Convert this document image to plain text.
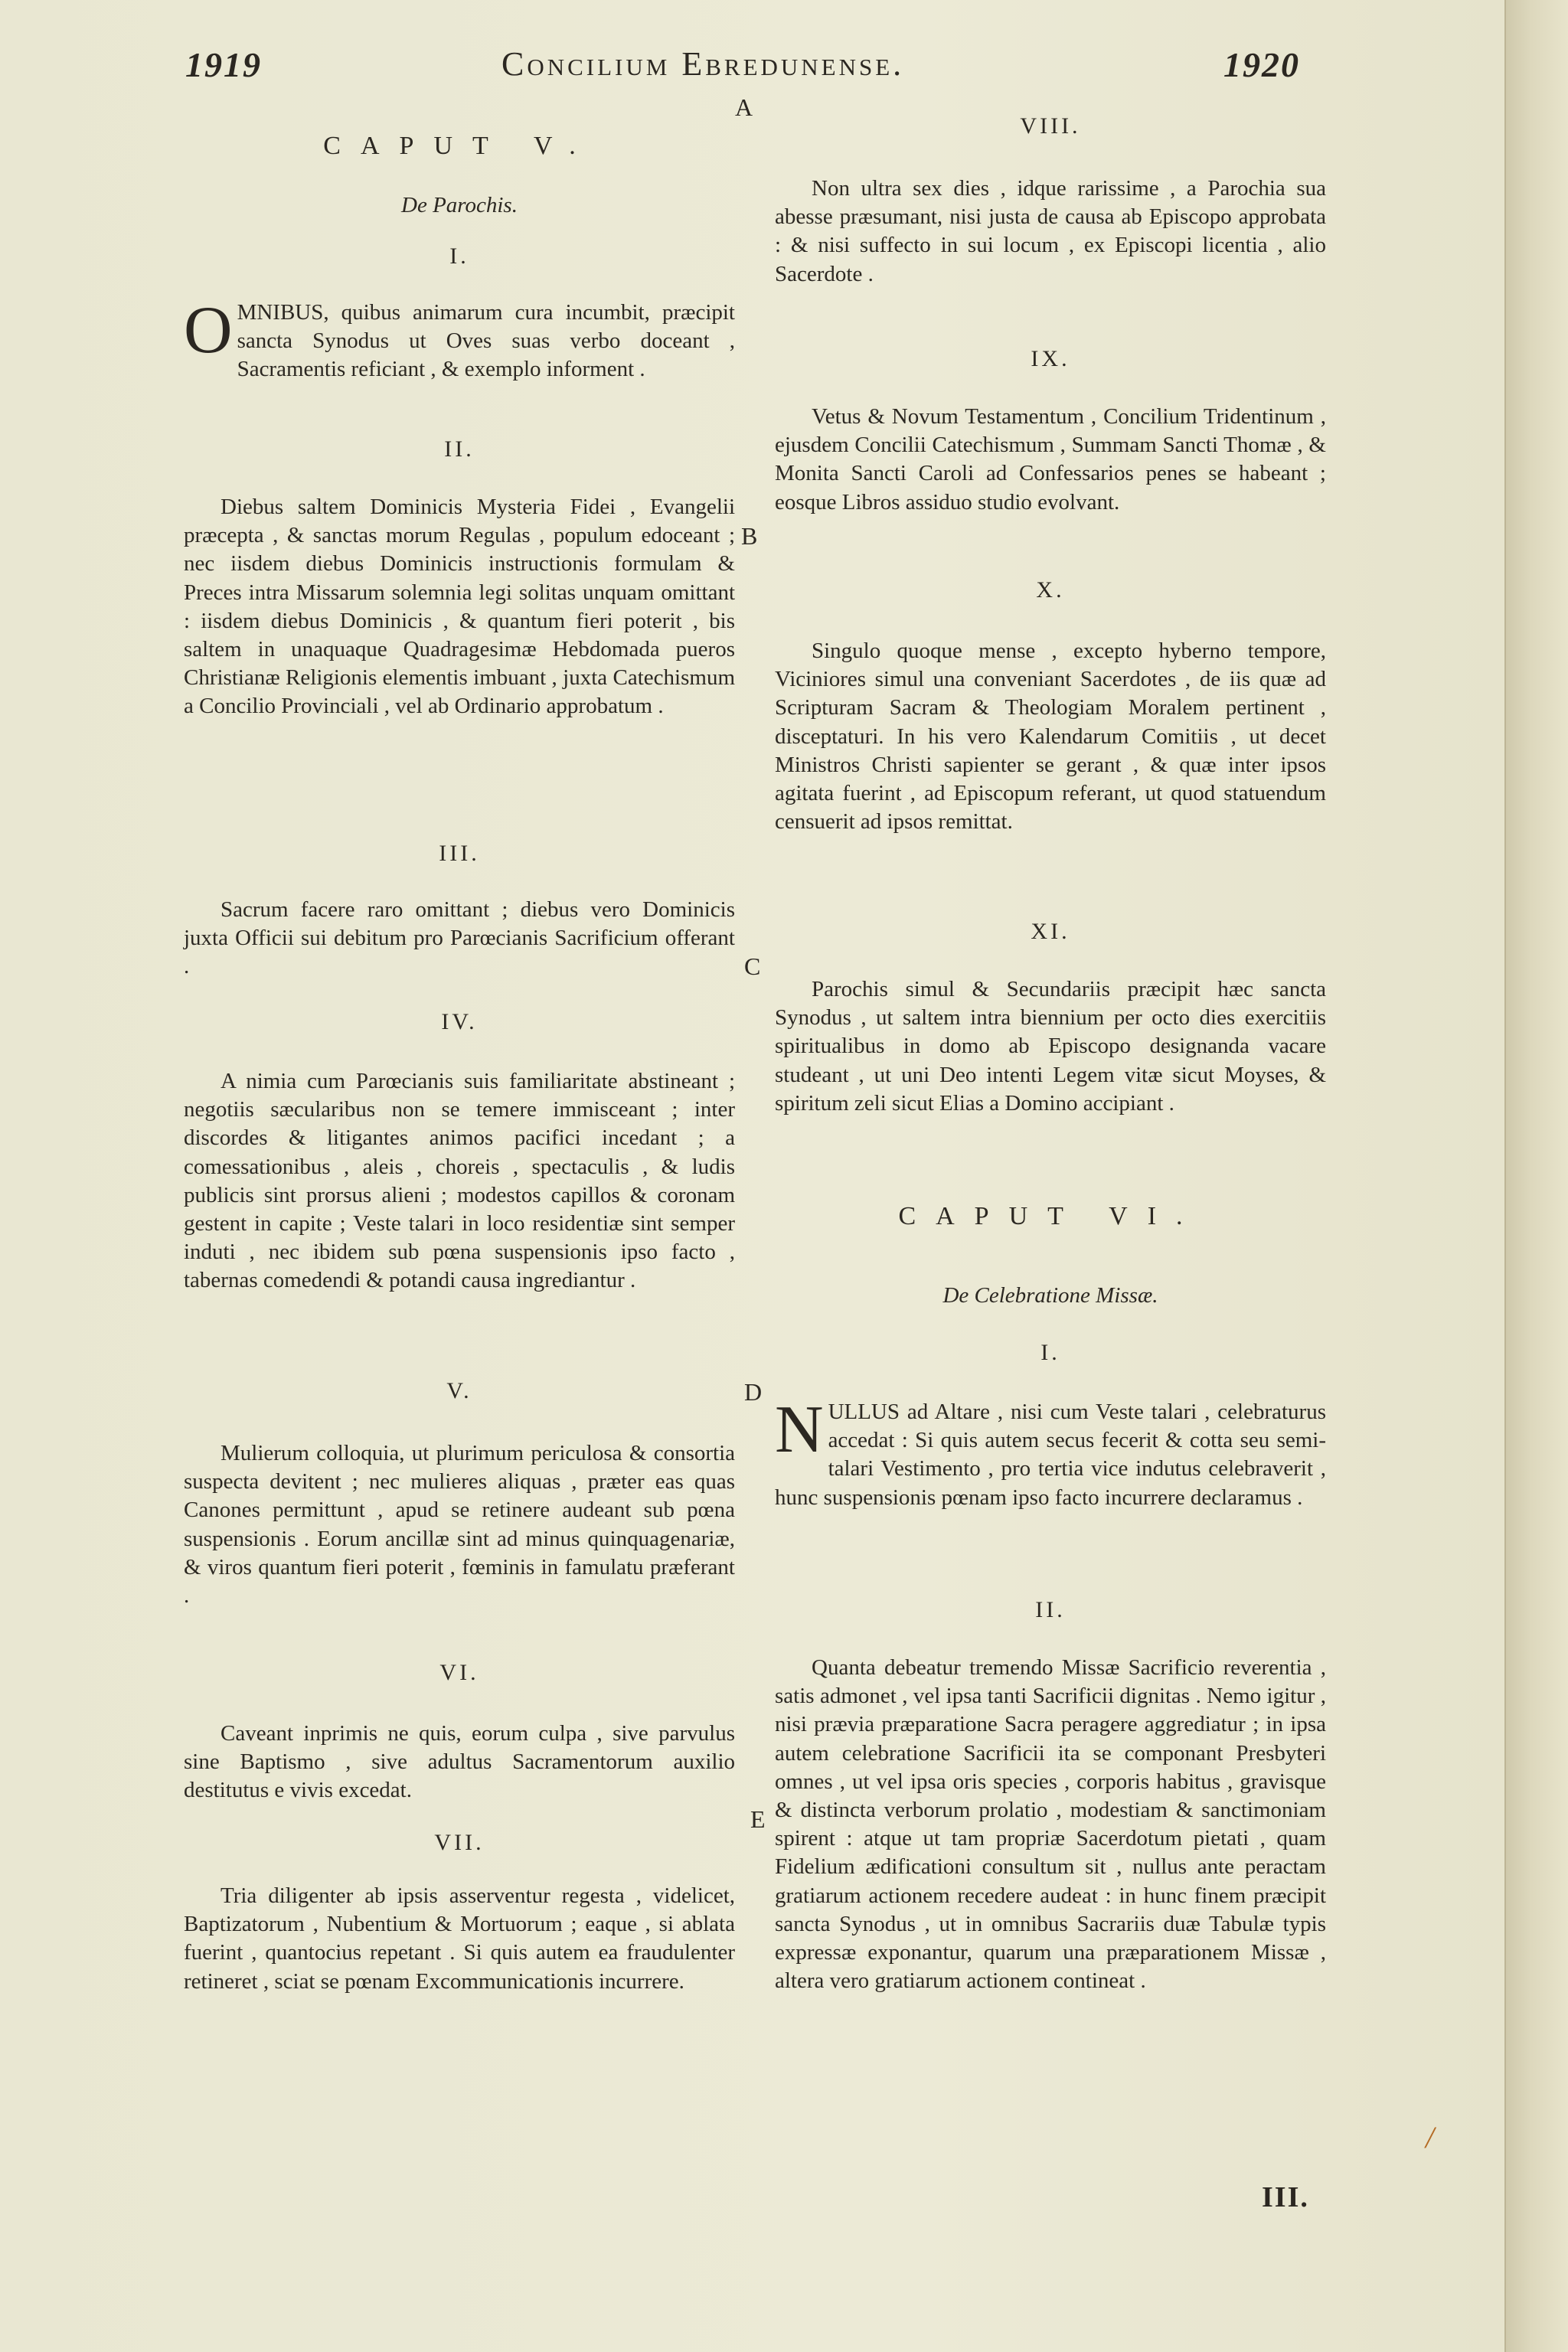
1919	Concilium Ebredunense.	1920
A
B
C
D
E
CAPUT V.
De Parochis.
I.

OMNIBUS, quibus animarum cura incumbit, præcipit sancta Synodus ut Oves suas verbo doceant , Sacramentis reficiant , & exemplo informent .

II.

Diebus saltem Dominicis Mysteria Fidei , Evangelii præcepta , & sanctas morum Regulas , populum edoceant ; nec iisdem diebus Dominicis instructionis formulam & Preces intra Missarum solemnia legi solitas unquam omittant : iisdem diebus Dominicis , & quantum fieri poterit , bis saltem in unaquaque Quadragesimæ Hebdomada pueros Christianæ Religionis elementis imbuant , juxta Catechismum a Concilio Provinciali , vel ab Ordinario approbatum .

III.

Sacrum facere raro omittant ; diebus vero Dominicis juxta Officii sui debitum pro Parœcianis Sacrificium offerant .

IV.

A nimia cum Parœcianis suis familiaritate abstineant ; negotiis sæcularibus non se temere immisceant ; inter discordes & litigantes animos pacifici incedant ; a comessationibus , aleis , choreis , spectaculis , & ludis publicis sint prorsus alieni ; modestos capillos & coronam gestent in capite ; Veste talari in loco residentiæ sint semper induti , nec ibidem sub pœna suspensionis ipso facto , tabernas comedendi & potandi causa ingrediantur .

V.

Mulierum colloquia, ut plurimum periculosa & consortia suspecta devitent ; nec mulieres aliquas , præter eas quas Canones permittunt , apud se retinere audeant sub pœna suspensionis . Eorum ancillæ sint ad minus quinquagenariæ, & viros quantum fieri poterit , fœminis in famulatu præferant .

VI.

Caveant inprimis ne quis, eorum culpa , sive parvulus sine Baptismo , sive adultus Sacramentorum auxilio destitutus e vivis excedat.

VII.

Tria diligenter ab ipsis asserventur regesta , videlicet, Baptizatorum , Nubentium & Mortuorum ; eaque , si ablata fuerint , quantocius repetant . Si quis autem ea fraudulenter retineret , sciat se pœnam Excommunicationis incurrere.

VIII.

Non ultra sex dies , idque rarissime , a Parochia sua abesse præsumant, nisi justa de causa ab Episcopo approbata : & nisi suffecto in sui locum , ex Episcopi licentia , alio Sacerdote .

IX.

Vetus & Novum Testamentum , Concilium Tridentinum , ejusdem Concilii Catechismum , Summam Sancti Thomæ , & Monita Sancti Caroli ad Confessarios penes se habeant ; eosque Libros assiduo studio evolvant.

X.

Singulo quoque mense , excepto hyberno tempore, Viciniores simul una conveniant Sacerdotes , de iis quæ ad Scripturam Sacram & Theologiam Moralem pertinent , disceptaturi. In his vero Kalendarum Comitiis , ut decet Ministros Christi sapienter se gerant , & quæ inter ipsos agitata fuerint , ad Episcopum referant, ut quod statuendum censuerit ad ipsos remittat.

XI.

Parochis simul & Secundariis præcipit hæc sancta Synodus , ut saltem intra biennium per octo dies exercitiis spiritualibus in domo ab Episcopo designanda vacare studeant , ut uni Deo intenti Legem vitæ sicut Moyses, & spiritum zeli sicut Elias a Domino accipiant .

CAPUT VI.
De Celebratione Missæ.
I.

NULLUS ad Altare , nisi cum Veste talari , celebraturus accedat : Si quis autem secus fecerit & cotta seu semi-talari Vestimento , pro tertia vice indutus celebraverit , hunc suspensionis pœnam ipso facto incurrere declaramus .

II.

Quanta debeatur tremendo Missæ Sacrificio reverentia , satis admonet , vel ipsa tanti Sacrificii dignitas . Nemo igitur , nisi prævia præparatione Sacra peragere aggrediatur ; in ipsa autem celebratione Sacrificii ita se componant Presbyteri omnes , ut vel ipsa oris species , corporis habitus , gravisque & distincta verborum prolatio , modestiam & sanctimoniam spirent : atque ut tam propriæ Sacerdotum pietati , quam Fidelium ædificationi consultum sit , nullus ante peractam gratiarum actionem recedere audeat : in hunc finem præcipit sancta Synodus , ut in omnibus Sacrariis duæ Tabulæ typis expressæ exponantur, quarum una præparationem Missæ , altera vero gratiarum actionem contineat .

III.
/
